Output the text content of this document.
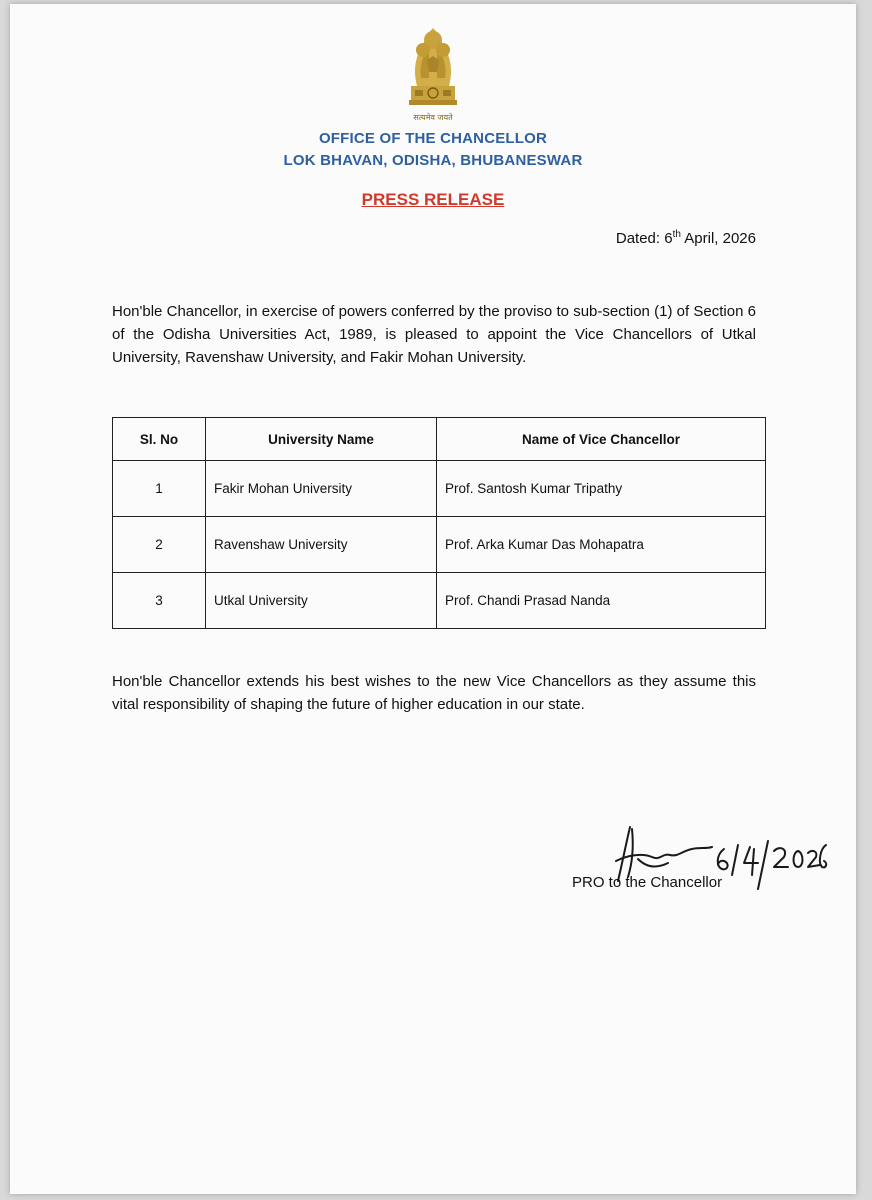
सत्यमेव जयते
OFFICE OF THE CHANCELLOR
LOK BHAVAN, ODISHA, BHUBANESWAR
PRESS RELEASE
Dated: 6th April, 2026
Hon'ble Chancellor, in exercise of powers conferred by the proviso to sub-section (1) of Section 6 of the Odisha Universities Act, 1989, is pleased to appoint the Vice Chancellors of Utkal University, Ravenshaw University, and Fakir Mohan University.
Sl. No	University Name	Name of Vice Chancellor
1	Fakir Mohan University	Prof. Santosh Kumar Tripathy
2	Ravenshaw University	Prof. Arka Kumar Das Mohapatra
3	Utkal University	Prof. Chandi Prasad Nanda
Hon'ble Chancellor extends his best wishes to the new Vice Chancellors as they assume this vital responsibility of shaping the future of higher education in our state.
PRO to the Chancellor
